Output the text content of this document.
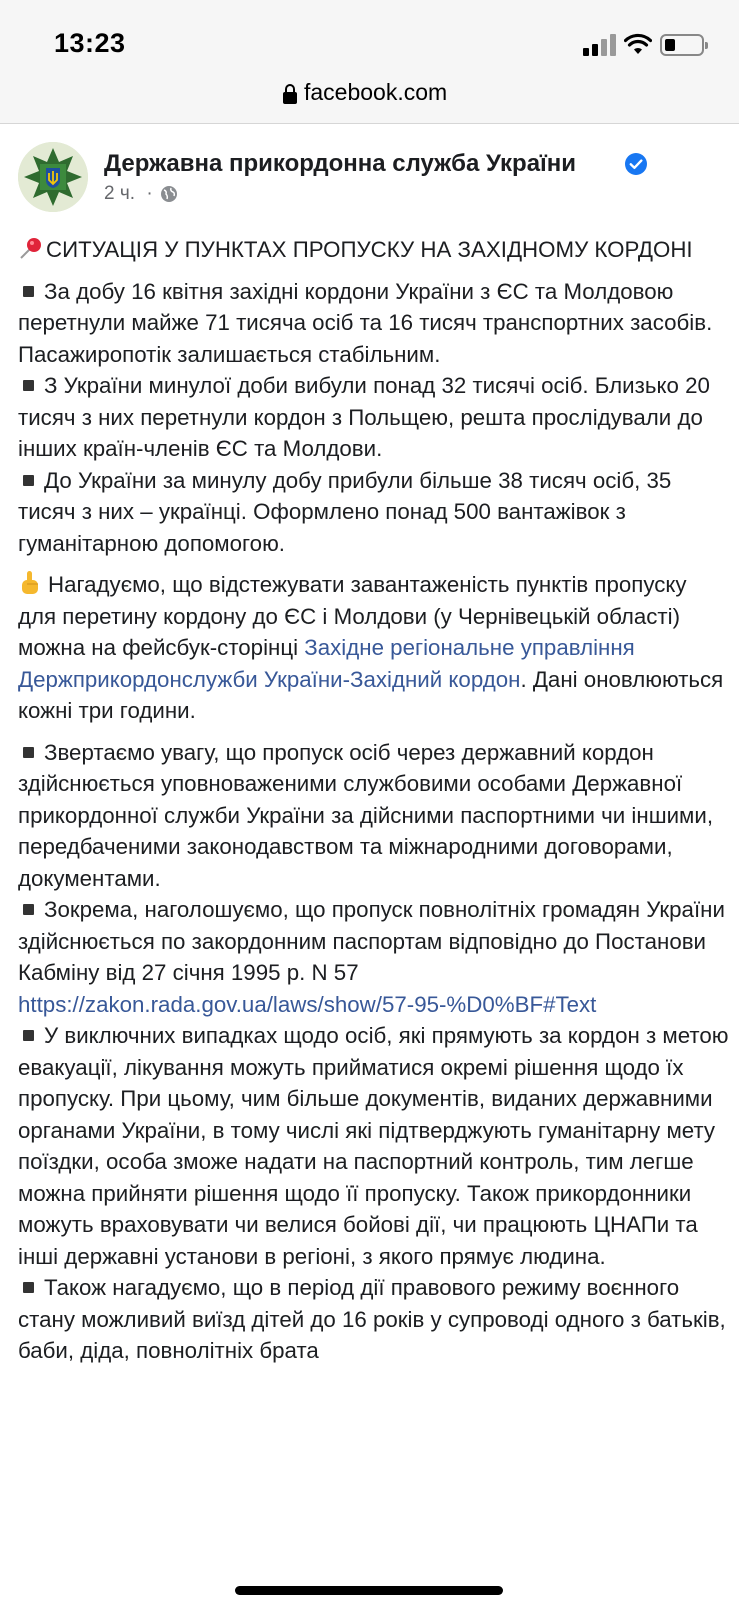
13:23
facebook.com
Державна прикордонна служба України
2 ч. ·

СИТУАЦІЯ У ПУНКТАХ ПРОПУСКУ НА ЗАХІДНОМУ КОРДОНІ

За добу 16 квітня західні кордони України з ЄС та Молдовою перетнули майже 71 тисяча осіб та 16 тисяч транспортних засобів. Пасажиропотік залишається стабільним.

З України минулої доби вибули понад 32 тисячі осіб. Близько 20 тисяч з них перетнули кордон з Польщею, решта прослідували до інших країн-членів ЄС та Молдови.

До України за минулу добу прибули більше 38 тисяч осіб, 35 тисяч з них – українці. Оформлено понад 500 вантажівок з гуманітарною допомогою.

Нагадуємо, що відстежувати завантаженість пунктів пропуску для перетину кордону до ЄС і Молдови (у Чернівецькій області) можна на фейсбук-сторінці Західне регіональне управління Держприкордонслужби України-Західний кордон. Дані оновлюються кожні три години.

Звертаємо увагу, що пропуск осіб через державний кордон здійснюється уповноваженими службовими особами Державної прикордонної служби України за дійсними паспортними чи іншими, передбаченими законодавством та міжнародними договорами, документами.

Зокрема, наголошуємо, що пропуск повнолітніх громадян України здійснюється по закордонним паспортам відповідно до Постанови Кабміну від 27 січня 1995 р. N 57 https://zakon.rada.gov.ua/laws/show/57-95-%D0%BF#Text

У виключних випадках щодо осіб, які прямують за кордон з метою евакуації, лікування можуть прийматися окремі рішення щодо їх пропуску. При цьому, чим більше документів, виданих державними органами України, в тому числі які підтверджують гуманітарну мету поїздки, особа зможе надати на паспортний контроль, тим легше можна прийняти рішення щодо її пропуску. Також прикордонники можуть враховувати чи велися бойові дії, чи працюють ЦНАПи та інші державні установи в регіоні, з якого прямує людина.

Також нагадуємо, що в період дії правового режиму воєнного стану можливий виїзд дітей до 16 років у супроводі одного з батьків, баби, діда, повнолітніх брата
